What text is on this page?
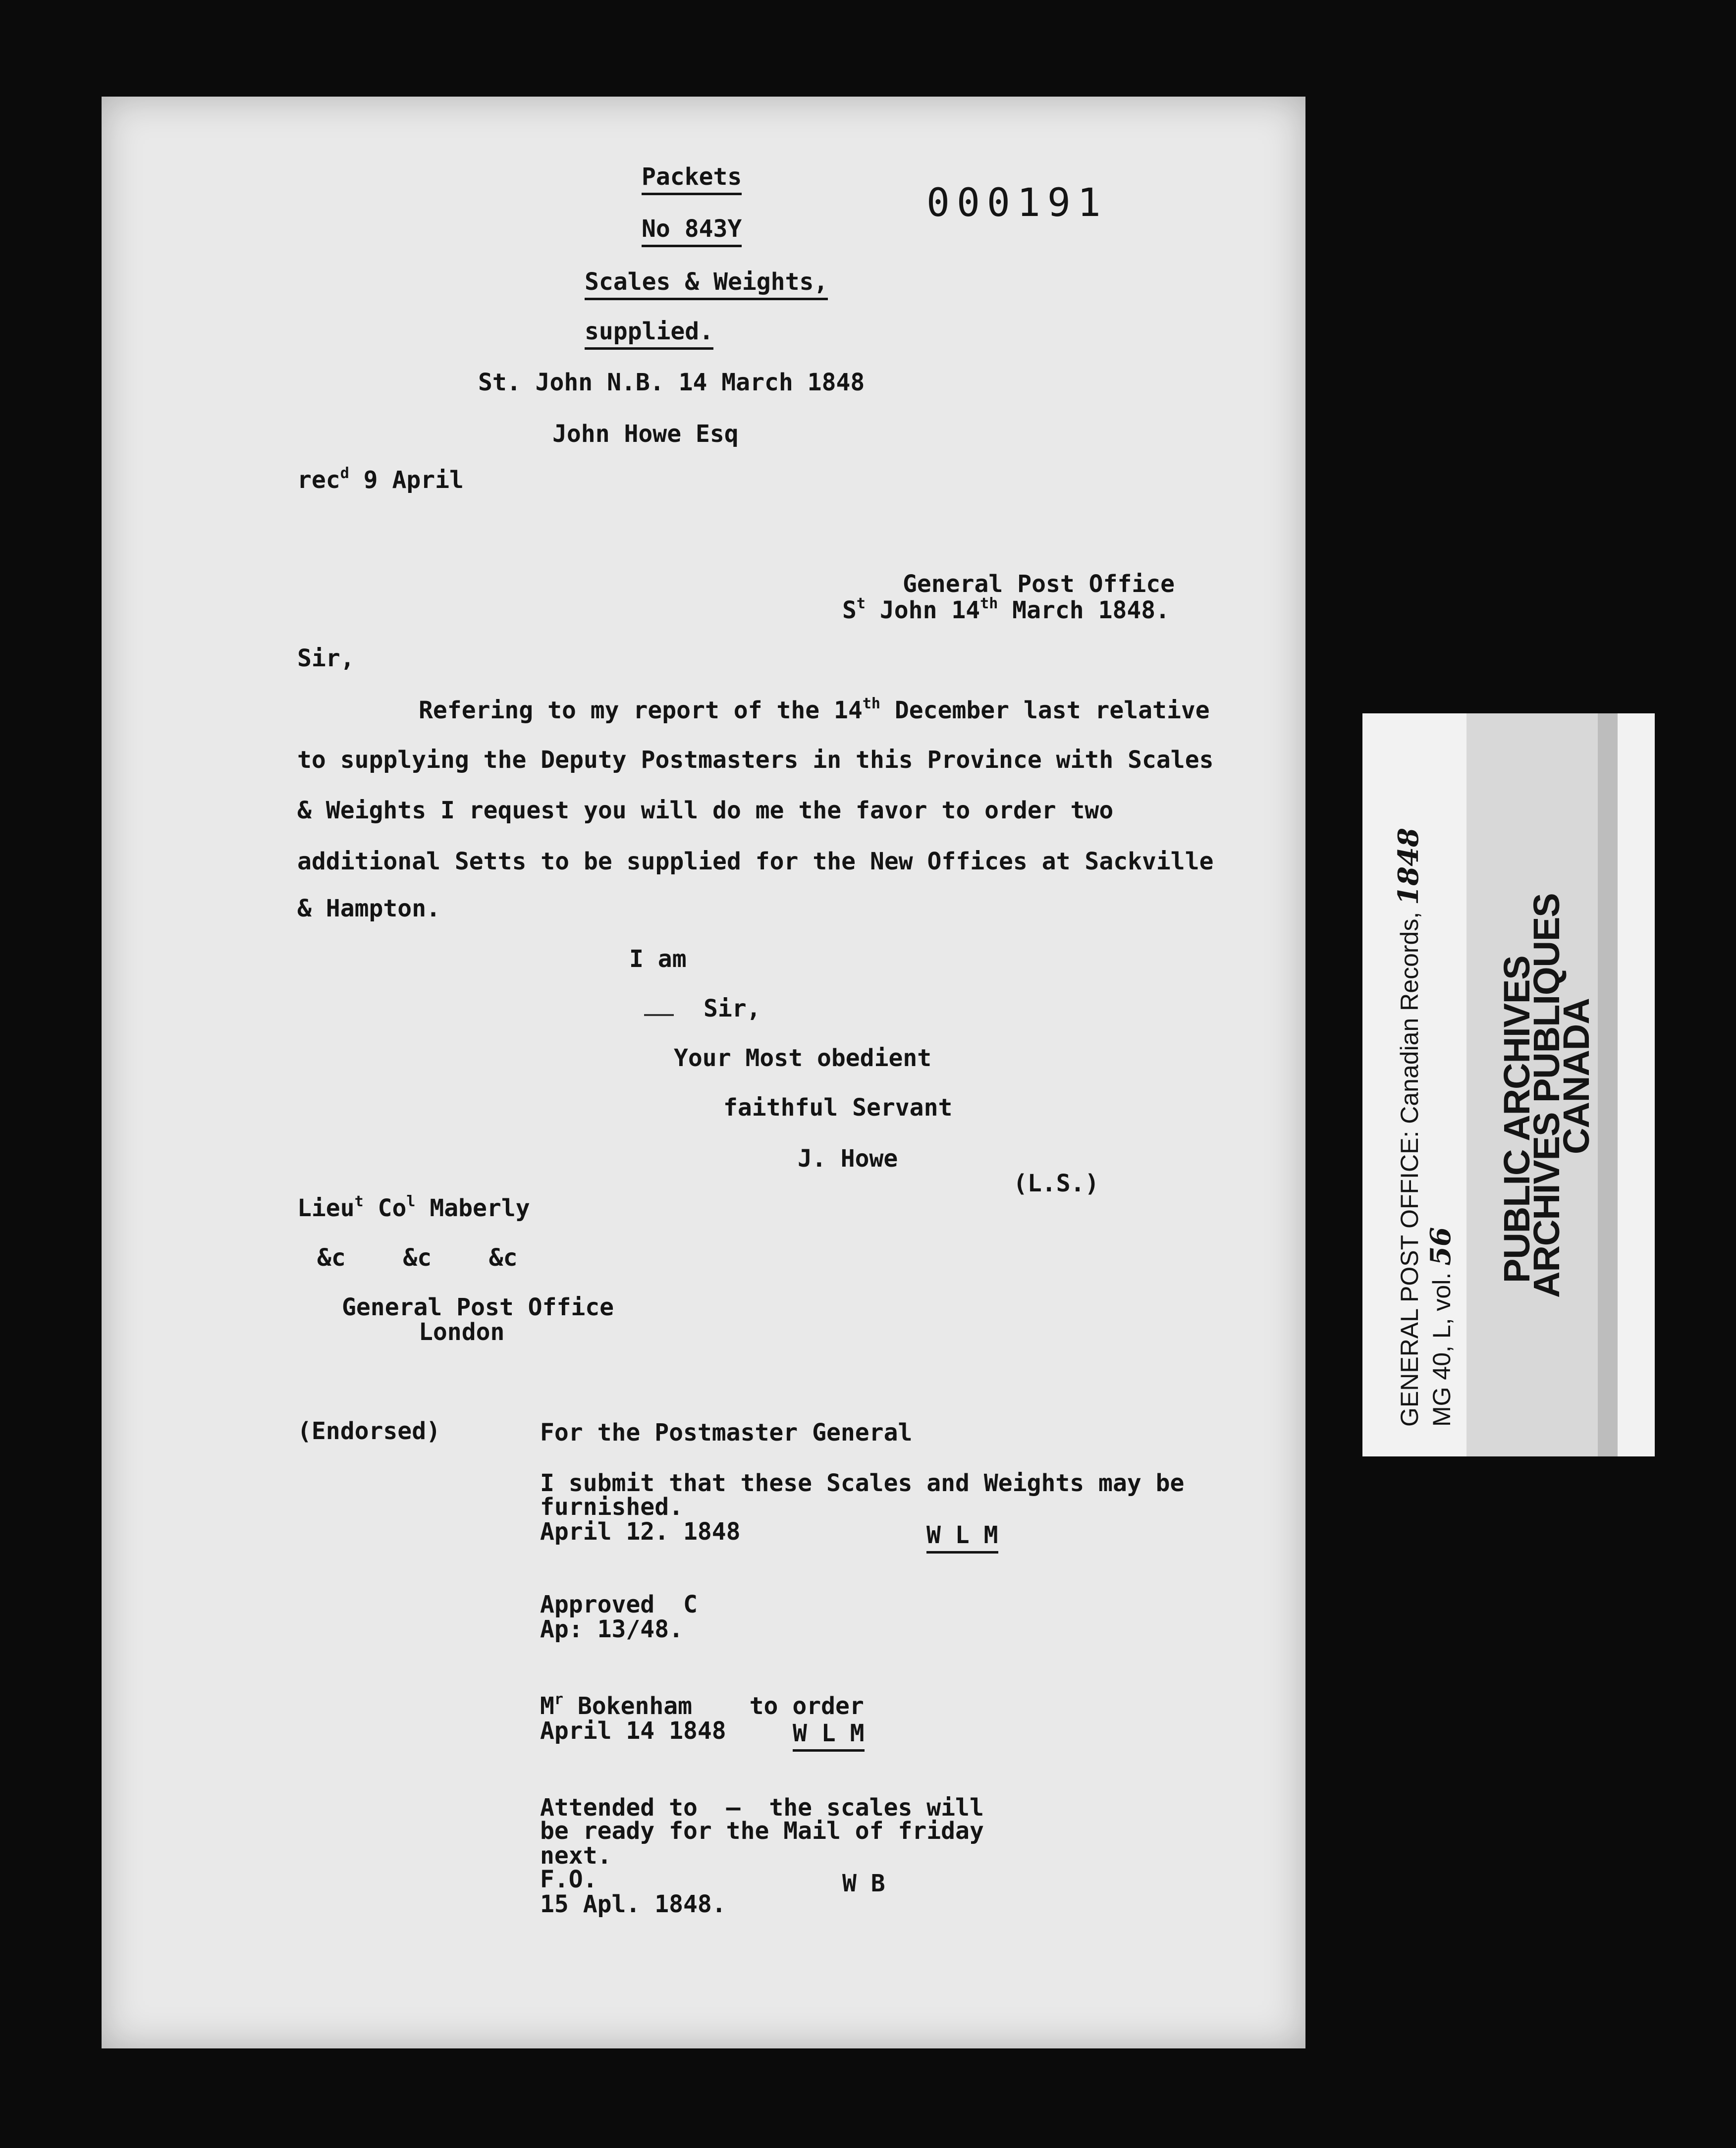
000191
Packets
No 843Y
Scales & Weights,
supplied.
St. John N.B. 14 March 1848
John Howe Esq
rec$^d$ 9 April
General Post Office
$S^t$ John 14th March 1848.
Sir,
Refering to my report of the 14th December last relative
to supplying the Deputy Postmasters in this Province with Scales
& Weights I request you will do me the favor to order two
additional Setts to be supplied for the New Offices at Sackville
& Hampton.
I am
Sir,
Your Most obedient
faithful Servant
J. Howe
(L.S.)
Lieu$^t$ Co$^l$ Maberly
&c    &c    &c
General Post Office
London
(Endorsed)	For the Postmaster General
I submit that these Scales and Weights may be
furnished.
April 12. 1848	W L M
Approved  C
Ap: 13/48.
$M^r$ Bokenham    to order
April 14 1848	W L M
Attended to  –  the scales will
be ready for the Mail of friday
next.
F.O.	W B
15 Apl. 1848.
GENERAL POST OFFICE: Canadian Records, 1848
MG 40, L, vol. 56 PUBLIC ARCHIVES
ARCHIVES PUBLIQUES
CANADA
